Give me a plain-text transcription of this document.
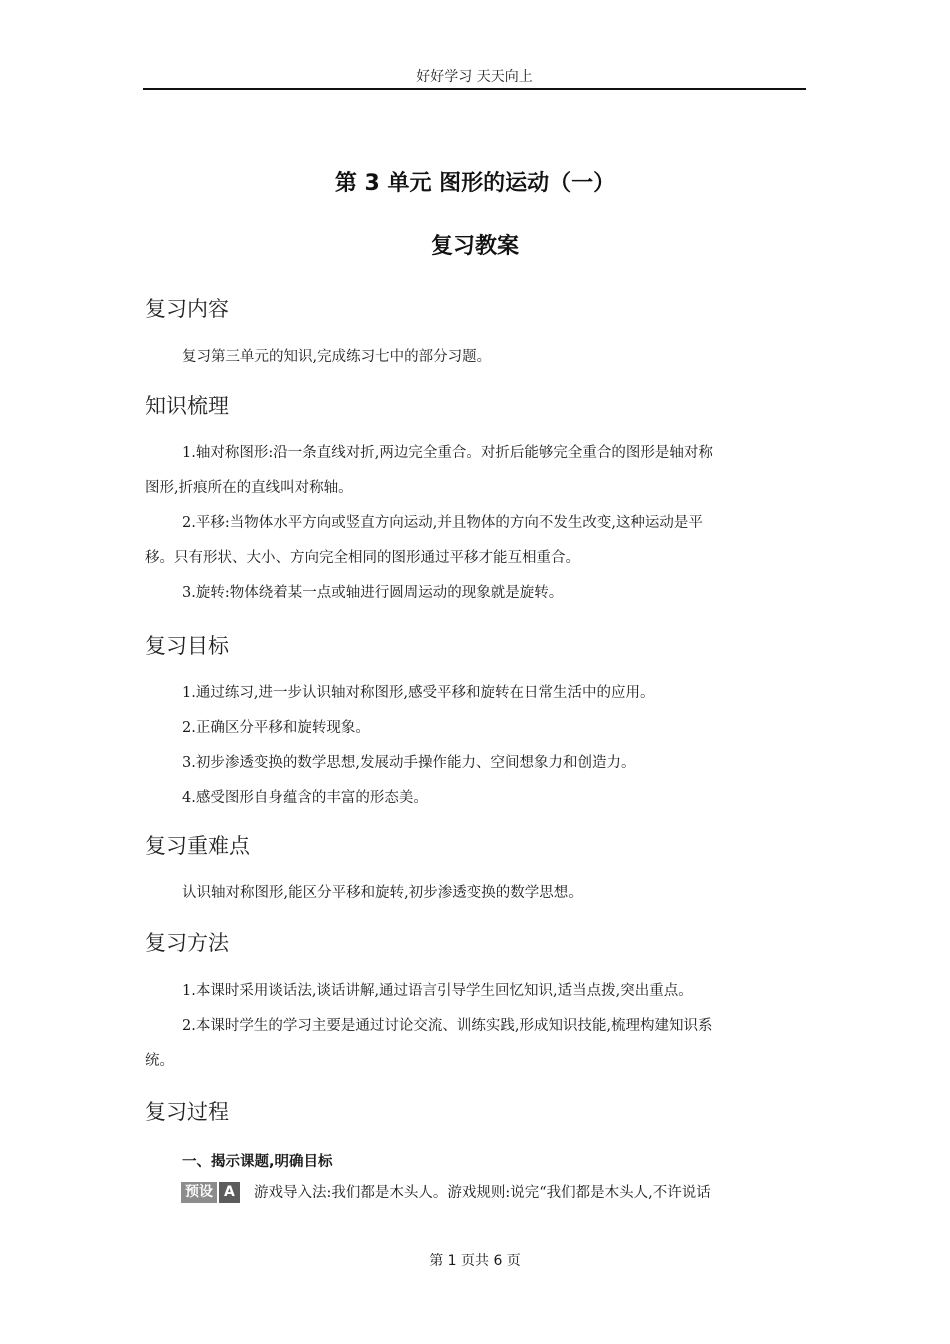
好好学习 天天向上
第 3 单元 图形的运动（一）
复习教案
复习内容
复习第三单元的知识,完成练习七中的部分习题。
知识梳理
1.轴对称图形:沿一条直线对折,两边完全重合。对折后能够完全重合的图形是轴对称
图形,折痕所在的直线叫对称轴。
2.平移:当物体水平方向或竖直方向运动,并且物体的方向不发生改变,这种运动是平
移。只有形状、大小、方向完全相同的图形通过平移才能互相重合。
3.旋转:物体绕着某一点或轴进行圆周运动的现象就是旋转。
复习目标
1.通过练习,进一步认识轴对称图形,感受平移和旋转在日常生活中的应用。
2.正确区分平移和旋转现象。
3.初步渗透变换的数学思想,发展动手操作能力、空间想象力和创造力。
4.感受图形自身蕴含的丰富的形态美。
复习重难点
认识轴对称图形,能区分平移和旋转,初步渗透变换的数学思想。
复习方法
1.本课时采用谈话法,谈话讲解,通过语言引导学生回忆知识,适当点拨,突出重点。
2.本课时学生的学习主要是通过讨论交流、训练实践,形成知识技能,梳理构建知识系
统。
复习过程
一、揭示课题,明确目标
预设 A	游戏导入法:我们都是木头人。游戏规则:说完“我们都是木头人,不许说话
第 1 页共 6 页
